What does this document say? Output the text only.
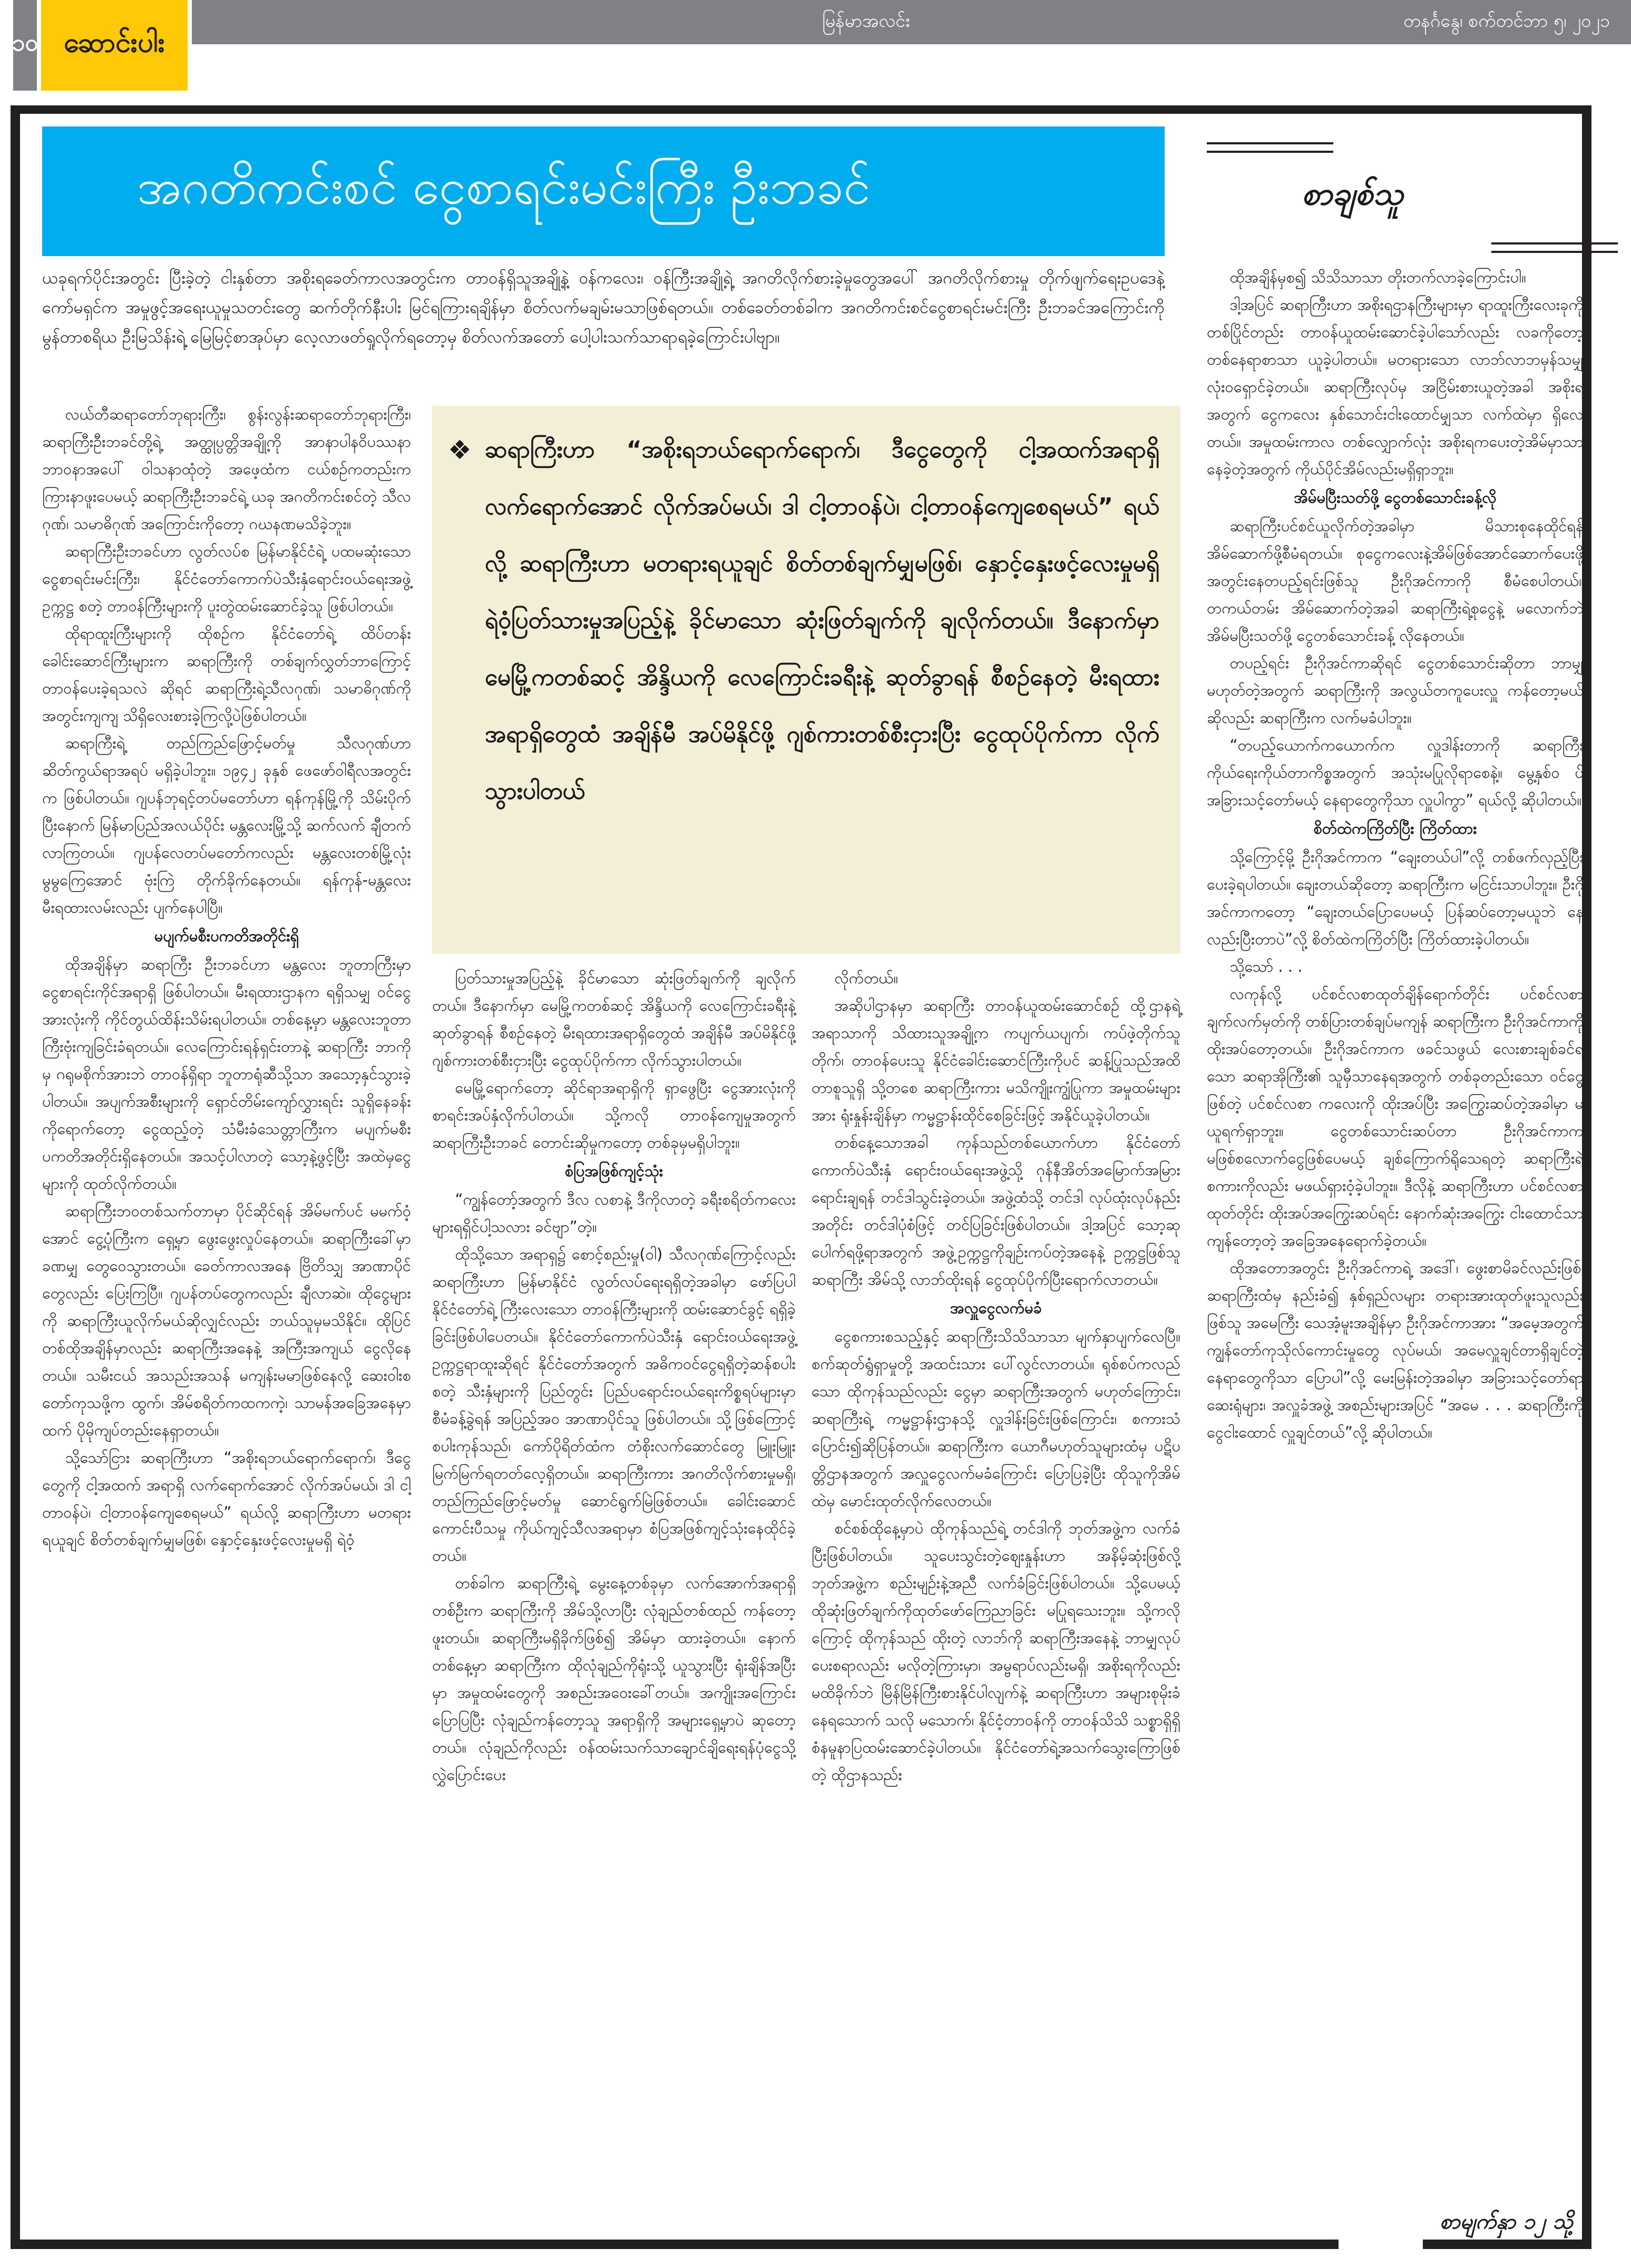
၁၀ ဆောင်းပါး
မြန်မာအလင်း	တနင်္ဂနွေ၊ စက်တင်ဘာ ၅၊ ၂၀၂၁
အဂတိကင်းစင် ငွေစာရင်းမင်းကြီး ဦးဘခင်	စာချစ်သူ
ယခုရက်ပိုင်းအတွင်း ပြီးခဲ့တဲ့ ငါးနှစ်တာ အစိုးရခေတ်ကာလအတွင်းက တာဝန်ရှိသူအချို့နဲ့ ဝန်ကလေး၊ ဝန်ကြီးအချို့ရဲ့ အဂတိလိုက်စားခဲ့မှုတွေအပေါ် အဂတိလိုက်စားမှု တိုက်ဖျက်ရေးဥပဒေနဲ့ကော်မရှင်က အမှုဖွင့်အရေးယူမှုသတင်းတွေ ဆက်တိုက်နီးပါး မြင်ရကြားရချိန်မှာ စိတ်လက်မချမ်းမသာဖြစ်ရတယ်။ တစ်ခေတ်တစ်ခါက အဂတိကင်းစင်ငွေစာရင်းမင်းကြီး ဦးဘခင်အကြောင်းကို မွန်တာစရိယ ဦးမြသိန်းရဲ့ မြေမြင့်စာအုပ်မှာ လေ့လာဖတ်ရှုလိုက်ရတော့မှ စိတ်လက်အတော် ပေါ့ပါးသက်သာရာရခဲ့ကြောင်းပါဗျာ။

လယ်တီဆရာတော်ဘုရားကြီး၊ စွန်းလွန်းဆရာတော်ဘုရားကြီး၊ ဆရာကြီးဦးဘခင်တို့ရဲ့ အတ္ထုပ္ပတ္တိအချို့ကို အာနာပါနဝိပဿနာ ဘာဝနာအပေါ် ဝါသနာထုံတဲ့ အဖေ့ထံက ငယ်စဉ်ကတည်းက ကြားနာဖူးပေမယ့် ဆရာကြီးဦးဘခင်ရဲ့ ယခု အဂတိကင်းစင်တဲ့ သီလဂုဏ်၊ သမာဓိဂုဏ် အကြောင်းကိုတော့ ဂဃနဏမသိခဲ့ဘူး။

ဆရာကြီးဦးဘခင်ဟာ လွတ်လပ်စ မြန်မာနိုင်ငံရဲ့ ပထမဆုံးသောငွေစာရင်းမင်းကြီး၊ နိုင်ငံတော်ကောက်ပဲသီးနှံရောင်းဝယ်ရေးအဖွဲ့ဥက္ကဋ္ဌ စတဲ့ တာဝန်ကြီးများကို ပူးတွဲထမ်းဆောင်ခဲ့သူ ဖြစ်ပါတယ်။

ထိုရာထူးကြီးများကို ထိုစဉ်က နိုင်ငံတော်ရဲ့ ထိပ်တန်းခေါင်းဆောင်ကြီးများက ဆရာကြီးကို တစ်ချက်လွှတ်ဘာကြောင့် တာဝန်ပေးခဲ့ရသလဲ ဆိုရင် ဆရာကြီးရဲ့သီလဂုဏ်၊ သမာဓိဂုဏ်ကို အတွင်းကျကျ သိရှိလေးစားခဲ့ကြလို့ပဲဖြစ်ပါတယ်။

ဆရာကြီးရဲ့ တည်ကြည်ဖြောင့်မတ်မှု သီလဂုဏ်ဟာ ဆိတ်ကွယ်ရာအရပ် မရှိခဲ့ပါဘူး။ ၁၉၄၂ ခုနှစ် ဖေဖော်ဝါရီလအတွင်းက ဖြစ်ပါတယ်။ ဂျပန်ဘုရင့်တပ်မတော်ဟာ ရန်ကုန်မြို့ကို သိမ်းပိုက်ပြီးနောက် မြန်မာပြည်အလယ်ပိုင်း မန္တလေးမြို့သို့ ဆက်လက် ချီတက်လာကြတယ်။ ဂျပန်လေတပ်မတော်ကလည်း မန္တလေးတစ်မြို့လုံး မွမွကြေအောင် ဗုံးကြဲ တိုက်ခိုက်နေတယ်။ ရန်ကုန်-မန္တလေး မီးရထားလမ်းလည်း ပျက်နေပါပြီ။

မပျက်မစီးပကတိအတိုင်းရှိ

ထိုအချိန်မှာ ဆရာကြီး ဦးဘခင်ဟာ မန္တလေး ဘူတာကြီးမှာ ငွေစာရင်းကိုင်အရာရှိ ဖြစ်ပါတယ်။ မီးရထားဌာနက ရရှိသမျှ ဝင်ငွေအားလုံးကို ကိုင်တွယ်ထိန်းသိမ်းရပါတယ်။ တစ်နေ့မှာ မန္တလေးဘူတာကြီးဗုံးကျခြင်းခံရတယ်။ လေကြောင်းရန်ရှင်းတာနဲ့ ဆရာကြီး ဘာကိုမှ ဂရုမစိုက်အားဘဲ တာဝန်ရှိရာ ဘူတာရုံဆီသို့သာ အသော့နှင်သွားခဲ့ပါတယ်။ အပျက်အစီးများကို ရှောင်တိမ်းကျော်လွှားရင်း သူရှိနေခန်းကိုရောက်တော့ ငွေထည့်တဲ့ သံမီးခံသေတ္တာကြီးက မပျက်မစီး ပကတိအတိုင်းရှိနေတယ်။ အသင့်ပါလာတဲ့ သော့နဲ့ဖွင့်ပြီး အထဲမှငွေများကို ထုတ်လိုက်တယ်။

ဆရာကြီးဘဝတစ်သက်တာမှာ ပိုင်ဆိုင်ရန် အိမ်မက်ပင် မမက်ဝံ့အောင် ငွေ့ပုံကြီးက ရှေ့မှာ ဖွေးဖွေးလှုပ်နေတယ်။ ဆရာကြီးခေါ်မှာ ခဏမျှ တွေဝေသွားတယ်။ ခေတ်ကာလအနေ ဗြိတိသျှ အာဏာပိုင်တွေလည်း ပြေးကြပြီ။ ဂျပန်တပ်တွေကလည်း ချီလာဆဲ။ ထိုငွေများကို ဆရာကြီးယူလိုက်မယ်ဆိုလျှင်လည်း ဘယ်သူမှမသိနိုင်။ ထိုပြင်တစ်ထိုအချိန်မှာလည်း ဆရာကြီးအနေနဲ့ အကြီးအကျယ် ငွေလိုနေတယ်။ သမီးငယ် အသည်းအသန် မကျန်းမမာဖြစ်နေလို့ ဆေးဝါးစတော်ကုသဖို့က ထွက်၊ အိမ်စရိတ်ကထကကဲ့၊ သာမန်အခြေအနေမှာထက် ပိုမိုကျပ်တည်းနေရှာတယ်။

သို့သော်ငြား ဆရာကြီးဟာ “အစိုးရဘယ်ရောက်ရောက်၊ ဒီငွေတွေကို ငါ့အထက် အရာရှိ လက်ရောက်အောင် လိုက်အပ်မယ်၊ ဒါ ငါ့တာဝန်ပဲ၊ ငါ့တာဝန်ကျေစေရမယ်” ရယ်လို့ ဆရာကြီးဟာ မတရားရယူချင် စိတ်တစ်ချက်မျှမဖြစ်၊ နှောင့်နှေးဖင့်လေးမှုမရှိ ရဲဝံ့

❖ ဆရာကြီးဟာ “အစိုးရဘယ်ရောက်ရောက်၊ ဒီငွေတွေကို ငါ့အထက်အရာရှိ လက်ရောက်အောင် လိုက်အပ်မယ်၊ ဒါ ငါ့တာဝန်ပဲ၊ ငါ့တာဝန်ကျေစေရမယ်” ရယ်လို့ ဆရာကြီးဟာ မတရားရယူချင် စိတ်တစ်ချက်မျှမဖြစ်၊ နှောင့်နှေးဖင့်လေးမှုမရှိ ရဲဝံ့ပြတ်သားမှုအပြည့်နဲ့ ခိုင်မာသော ဆုံးဖြတ်ချက်ကို ချလိုက်တယ်။ ဒီနောက်မှာ မေမြို့ကတစ်ဆင့် အိန္ဒိယကို လေကြောင်းခရီးနဲ့ ဆုတ်ခွာရန် စီစဉ်နေတဲ့ မီးရထားအရာရှိတွေထံ အချိန်မီ အပ်မိနိုင်ဖို့ ဂျစ်ကားတစ်စီးငှားပြီး ငွေထုပ်ပိုက်ကာ လိုက်သွားပါတယ်

ပြတ်သားမှုအပြည့်နဲ့ ခိုင်မာသော ဆုံးဖြတ်ချက်ကို ချလိုက်တယ်။ ဒီနောက်မှာ မေမြို့ကတစ်ဆင့် အိန္ဒိယကို လေကြောင်းခရီးနဲ့ ဆုတ်ခွာရန် စီစဉ်နေတဲ့ မီးရထားအရာရှိတွေထံ အချိန်မီ အပ်မိနိုင်ဖို့ ဂျစ်ကားတစ်စီးငှားပြီး ငွေထုပ်ပိုက်ကာ လိုက်သွားပါတယ်။

မေမြို့ရောက်တော့ ဆိုင်ရာအရာရှိကို ရှာဖွေပြီး ငွေအားလုံးကို စာရင်းအပ်နှံလိုက်ပါတယ်။ သို့ကလို တာဝန်ကျေမှုအတွက် ဆရာကြီးဦးဘခင် တောင်းဆိုမှုကတော့ တစ်ခုမှမရှိပါဘူး။

စံပြအဖြစ်ကျင့်သုံး

“ကျွန်တော့်အတွက် ဒီလ လစာနဲ့ ဒီကိုလာတဲ့ ခရီးစရိတ်ကလေးများရရှိင်ပါ့သလား ခင်ဗျာ”တဲ့။

ထိုသို့သော အရာရှ၌ စောင့်စည်းမှု(ဝါ) သီလဂုဏ်ကြောင့်လည်း ဆရာကြီးဟာ မြန်မာနိုင်ငံ လွတ်လပ်ရေးရရှိတဲ့အခါမှာ ဖော်ပြပါ နိုင်ငံတော်ရဲ့ ကြီးလေးသော တာဝန်ကြီးများကို ထမ်းဆောင်ခွင့် ရရှိခဲ့ခြင်းဖြစ်ပါပေတယ်။ နိုင်ငံတော်ကောက်ပဲသီးနှံ ရောင်းဝယ်ရေးအဖွဲ့ဥက္ကဋ္ဌရာထူးဆိုရင် နိုင်ငံတော်အတွက် အဓိကဝင်ငွေရရှိတဲ့ဆန်စပါးစတဲ့ သီးနှံများကို ပြည်တွင်း ပြည်ပရောင်းဝယ်ရေးကိစ္စရပ်များမှာ စီမံခန့်ခွဲရန် အပြည့်အဝ အာဏာပိုင်သူ ဖြစ်ပါတယ်။ သို့ဖြစ်ကြောင့် စပါးကုန်သည်၊ ကော်ပိုရိတ်ထံက တံစိုးလက်ဆောင်တွေ မြူးမြူးမြက်မြက်ရတတ်လေ့ရှိတယ်။ ဆရာကြီးကား အဂတိလိုက်စားမှုမရှိ၊ တည်ကြည်ဖြောင့်မတ်မှု ဆောင်ရွက်မြဲဖြစ်တယ်။ ခေါင်းဆောင်ကောင်းပီသမှု ကိုယ်ကျင့်သီလအရာမှာ စံပြအဖြစ်ကျင့်သုံးနေထိုင်ခဲ့တယ်။

တစ်ခါက ဆရာကြီးရဲ့ မွေးနေ့တစ်ခုမှာ လက်အောက်အရာရှိတစ်ဦးက ဆရာကြီးကို အိမ်သို့လာပြီး လုံချည်တစ်ထည် ကန်တော့ဖူးတယ်။ ဆရာကြီးမရှိခိုက်ဖြစ်၍ အိမ်မှာ ထားခဲ့တယ်။ နောက်တစ်နေ့မှာ ဆရာကြီးက ထိုလုံချည်ကိုရုံးသို့ ယူသွားပြီး ရုံးချိန်အပြီးမှာ အမှုထမ်းတွေကို အစည်းအဝေးခေါ်တယ်။ အကျိုးအကြောင်း ပြောပြပြီး လုံချည်ကန်တော့သူ အရာရှိကို အများရှေ့မှာပဲ ဆုတော့တယ်။ လုံချည်ကိုလည်း ဝန်ထမ်းသက်သာချောင်ချိရေးရန်ပုံငွေသို့ လွှဲပြောင်းပေး

လိုက်တယ်။

အဆိုပါဌာနမှာ ဆရာကြီး တာဝန်ယူထမ်းဆောင်စဉ် ထို့ဌာနရဲ့ အရာသာကို သိထားသူအချို့က ကပျက်ယပျက်၊ ကပ်ဖဲ့တိုက်သူတိုက်၊ တာဝန်ပေးသူ နိုင်ငံခေါင်းဆောင်ကြီးကိုပင် ဆန့်ပြုသည်အထိ တာစူသူရှိ သို့တစေ ဆရာကြီးကား မသိကျိုးကျွံပြုကာ အမှုထမ်းများအား ရုံးနှုန်းချိန်မှာ ကမ္မဋ္ဌာန်းထိုင်စေခြင်းဖြင့် အနိုင်ယူခဲ့ပါတယ်။

တစ်နေ့သောအခါ ကုန်သည်တစ်ယောက်ဟာ နိုင်ငံတော်ကောက်ပဲသီးနှံ ရောင်းဝယ်ရေးအဖွဲ့သို့ ဂုန်နီအိတ်အမြောက်အမြားရောင်းချရန် တင်ဒါသွင်းခဲ့တယ်။ အဖွဲ့ထံသို့ တင်ဒါ လုပ်ထုံးလုပ်နည်းအတိုင်း တင်ဒါပုံစံဖြင့် တင်ပြခြင်းဖြစ်ပါတယ်။ ဒါ့အပြင် သော့ဆုပေါက်ရဖို့ရာအတွက် အဖွဲ့ဥက္ကဋ္ဌကိုချဉ်းကပ်တဲ့အနေနဲ့ ဥက္ကဋ္ဌဖြစ်သူ ဆရာကြီး အိမ်သို့ လာဘ်ထိုးရန် ငွေထုပ်ပိုက်ပြီးရောက်လာတယ်။

အလှူငွေလက်မခံ

ငွေစကားစသည့်နှင့် ဆရာကြီးသိသိသာသာ မျက်နှာပျက်လေပြီ။ စက်ဆုတ်ရွံရှာမှုတို့ အထင်းသား ပေါ်လွင်လာတယ်။ ရုစ်စပ်ကလည်သော ထိုကုန်သည်လည်း ငွေမှာ ဆရာကြီးအတွက် မဟုတ်ကြောင်း၊ ဆရာကြီးရဲ့ ကမ္မဋ္ဌာန်းဌာနသို့ လှူဒါန်းခြင်းဖြစ်ကြောင်း၊ စကားသံပြောင်း၍ဆိုပြန်တယ်။ ဆရာကြီးက ယောဂီမဟုတ်သူများထံမှ ပဋိပတ္တိဌာနအတွက် အလှူငွေလက်မခံကြောင်း ပြောပြခဲ့ပြီး ထိုသူကိုအိမ်ထဲမှ မောင်းထုတ်လိုက်လေတယ်။

စင်စစ်ထိုနေ့မှာပဲ ထိုကုန်သည်ရဲ့ တင်ဒါကို ဘုတ်အဖွဲ့က လက်ခံပြီးဖြစ်ပါတယ်။ သူပေးသွင်းတဲ့ဈေးနှုန်းဟာ အနိမ့်ဆုံးဖြစ်လို့ ဘုတ်အဖွဲ့က စည်းမျဉ်းနဲ့အညီ လက်ခံခြင်းဖြစ်ပါတယ်။ သို့ပေမယ့် ထိုဆုံးဖြတ်ချက်ကိုထုတ်ဖော်ကြေညာခြင်း မပြုရသေးဘူး။ သို့ကလိုကြောင့် ထိုကုန်သည် ထိုးတဲ့ လာဘ်ကို ဆရာကြီးအနေနဲ့ ဘာမျှလုပ်ပေးစရာလည်း မလိုတဲ့ကြားမှာ၊ အမ္ဗရာပ်လည်းမရှိ၊ အစိုးရကိုလည်း မထိခိုက်ဘဲ မြိန်မြိန်ကြီးစားနိုင်ပါလျက်နဲ့ ဆရာကြီးဟာ အများစုမိုးခံနေရသောက် သလို မသောက်၊ နိုင်ငံ့တာဝန်ကို တာဝန်သိသိ သစ္စာရှိရှိ စံနမူနာပြထမ်းဆောင်ခဲ့ပါတယ်။ နိုင်ငံတော်ရဲ့အသက်သွေးကြောဖြစ်တဲ့ ထိုဌာနသည်း

ထိုအချိန်မှစ၍ သိသိသာသာ တိုးတက်လာခဲ့ကြောင်းပါ။

ဒါ့အပြင် ဆရာကြီးဟာ အစိုးရဌာနကြီးများမှာ ရာထူးကြီးလေးခုကို တစ်ပြိုင်တည်း တာဝန်ယူထမ်းဆောင်ခဲ့ပါသော်လည်း လခကိုတော့ တစ်နေရာစာသာ ယူခဲ့ပါတယ်။ မတရားသော လာဘ်လာဘမှန်သမျှ လုံးဝရှောင်ခဲ့တယ်။ ဆရာကြီးလုပ်မှ အငြိမ်းစားယူတဲ့အခါ အစိုးရအတွက် ငွေကလေး နှစ်သောင်းငါးထောင်မျှသာ လက်ထဲမှာ ရှိလေတယ်။ အမှုထမ်းကာလ တစ်လျှောက်လုံး အစိုးရကပေးတဲ့အိမ်မှာသာနေခဲ့တဲ့အတွက် ကိုယ်ပိုင်အိမ်လည်းမရှိရှာဘူး။

အိမ်မပြီးသတ်ဖို့ ငွေတစ်သောင်းခန့်လို

ဆရာကြီးပင်စင်ယူလိုက်တဲ့အခါမှာ မိသားစုနေထိုင်ရန် အိမ်ဆောက်ဖို့စီမံရတယ်။ စုငွေကလေးနဲ့အိမ်ဖြစ်အောင်ဆောက်ပေးဖို့ အတွင်းနေတပည့်ရင်းဖြစ်သူ ဦးဂိုအင်ကာကို စီမံစေပါတယ်။ တကယ်တမ်း အိမ်ဆောက်တဲ့အခါ ဆရာကြီးရဲ့စုငွေနဲ့ မလောက်ဘဲ အိမ်မပြီးသတ်ဖို့ ငွေတစ်သောင်းခန့် လိုနေတယ်။

တပည့်ရင်း ဦးဂိုအင်ကာဆိုရင် ငွေတစ်သောင်းဆိုတာ ဘာမျှမဟုတ်တဲ့အတွက် ဆရာကြီးကို အလွယ်တကူပေးလှူ ကန်တော့မယ်ဆိုလည်း ဆရာကြီးက လက်မခံပါဘူး။

“တပည့်ယောက်ကယောက်က လှူဒါန်းတာကို ဆရာကြီးကိုယ်ရေးကိုယ်တာကိစ္စအတွက် အသုံးမပြုလိုရာစေနဲ့။ မွေ့နှစ်ဝ ပ်အခြားသင့်တော်မယ့် နေရာတွေကိုသာ လှူပါကွာ” ရယ်လို့ ဆိုပါတယ်။

စိတ်ထဲကကြိတ်ပြီး ကြိတ်ထား

သို့ကြောင့်မို့ ဦးဂိုအင်ကာက “ချေးတယ်ပါ”လို့ တစ်ဖက်လှည့်ပြီး ပေးခဲ့ရပါတယ်။ ချေးတယ်ဆိုတော့ ဆရာကြီးက မငြင်းသာပါဘူး။ ဦးဂိုအင်ကာကတော့ “ချေးတယ်ပြောပေမယ့် ပြန်ဆပ်တော့မယူဘဲ နေလည်းပြီးတာပဲ”လို့ စိတ်ထဲကကြိတ်ပြီး ကြိတ်ထားခဲ့ပါတယ်။

သို့သော် . . .

လကုန်လို့ ပင်စင်လစာထုတ်ချိန်ရောက်တိုင်း ပင်စင်လစာချက်လက်မှတ်ကို တစ်ပြားတစ်ချပ်မကျန် ဆရာကြီးက ဦးဂိုအင်ကာကို ထိုးအပ်တော့တယ်။ ဦးဂိုအင်ကာက ဖခင်သဖွယ် လေးစားချစ်ခင်ရသော ဆရာအိုကြီး၏ သူမှီသာနေရအတွက် တစ်ခုတည်းသော ဝင်ငွေဖြစ်တဲ့ ပင်စင်လစာ ကလေးကို ထိုးအပ်ပြီး အကြွေးဆပ်တဲ့အခါမှာ မယူရက်ရှာဘူး။ ငွေတစ်သောင်းဆပ်တာ ဦးဂိုအင်ကာက မဖြစ်စလောက်ငွေဖြစ်ပေမယ့် ချစ်ကြောက်ရိုသေရတဲ့ ဆရာကြီးရဲ့စကားကိုလည်း မဖယ်ရှားဝံ့ခဲ့ပါဘူး။ ဒီလိုနဲ့ ဆရာကြီးဟာ ပင်စင်လစာထုတ်တိုင်း ထိုးအပ်အကြွေးဆပ်ရင်း နောက်ဆုံးအကြွေး ငါးထောင်သာ ကျန်တော့တဲ့ အခြေအနေရောက်ခဲ့တယ်။

ထိုအတောအတွင်း ဦးဂိုအင်ကာရဲ့ အဒေါ်၊ ဖွေးစာမိခင်လည်းဖြစ်၊ ဆရာကြီးထံမှ နည်းခံ၍ နှစ်ရှည်လများ တရားအားထုတ်ဖူးသူလည်းဖြစ်သူ အမေကြီး သေအံ့မူးအချိန်မှာ ဦးဂိုအင်ကာအား “အမေ့အတွက် ကျွန်တော်ကုသိုလ်ကောင်းမှုတွေ လုပ်မယ်၊ အမေလှူချင်တာရှိချင်တဲ့ နေရာတွေကိုသာ ပြောပါ”လို့ မေးမြန်းတဲ့အခါမှာ အခြားသင့်တော်ရာဆေးရုံများ၊ အလှူခံအဖွဲ့ အစည်းများအပြင် “အမေ . . . ဆရာကြီးကို ငွေငါးထောင် လှူချင်တယ်”လို့ ဆိုပါတယ်။

စာမျက်နှာ ၁၂ သို့
